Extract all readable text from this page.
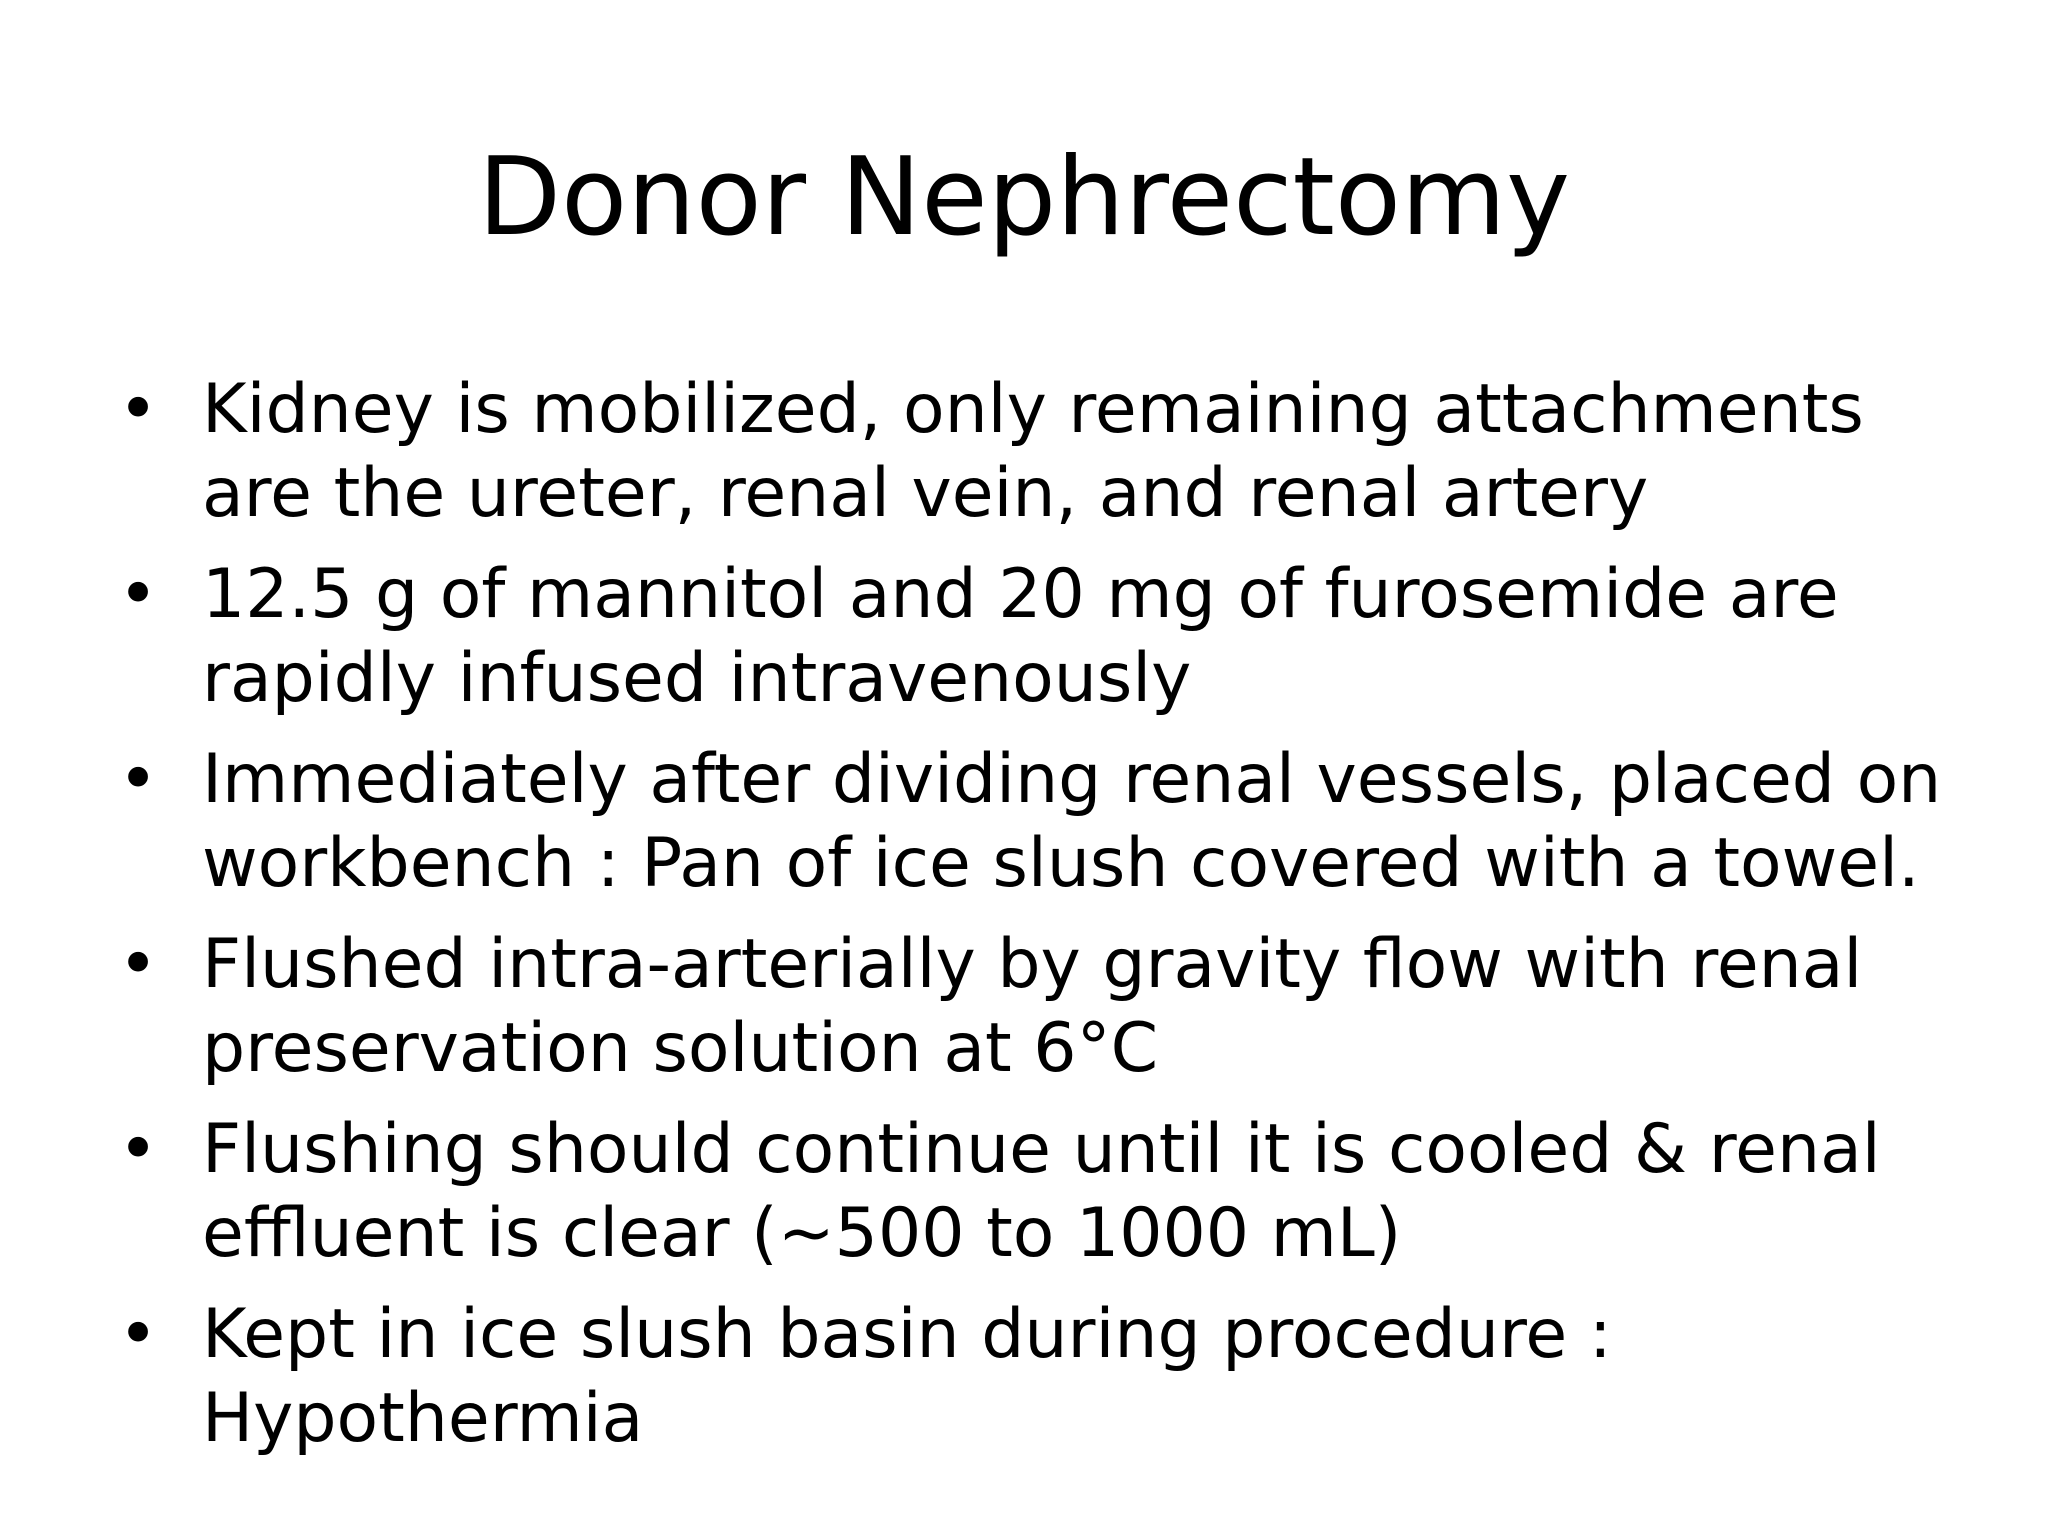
Donor Nephrectomy
• Kidney is mobilized, only remaining attachments are the ureter, renal vein, and renal artery
• 12.5 g of mannitol and 20 mg of furosemide are rapidly infused intravenously
• Immediately after dividing renal vessels, placed on workbench : Pan of ice slush covered with a towel.
• Flushed intra-arterially by gravity flow with renal preservation solution at 6°C
• Flushing should continue until it is cooled & renal effluent is clear (~500 to 1000 mL)
• Kept in ice slush basin during procedure : Hypothermia
